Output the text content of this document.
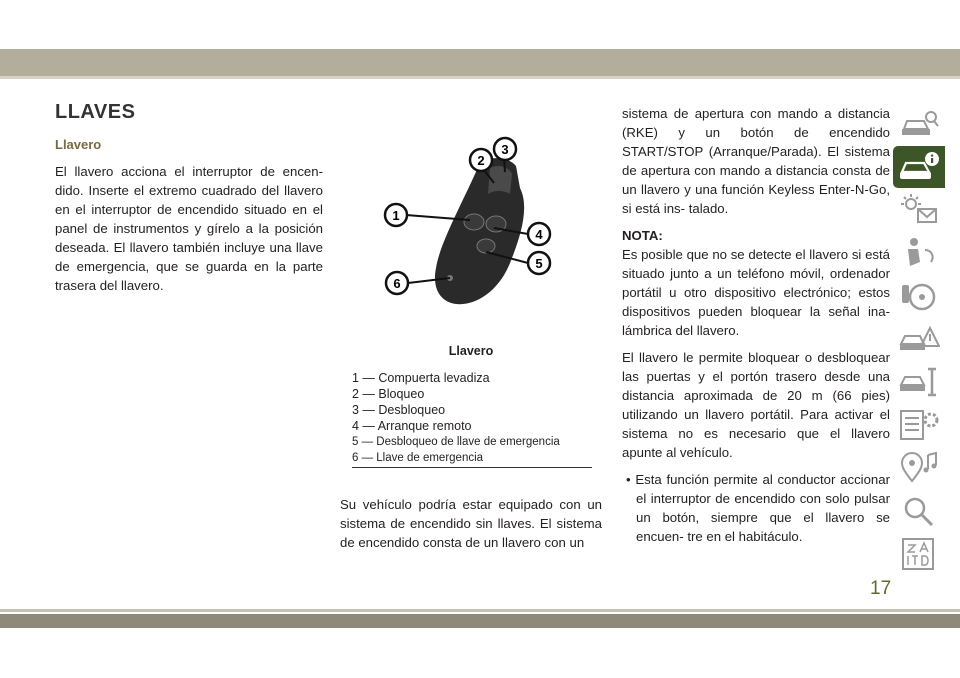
LLAVES
Llavero
El llavero acciona el interruptor de encen- dido. Inserte el extremo cuadrado del llavero en el interruptor de encendido situado en el panel de instrumentos y gírelo a la posición deseada. El llavero también incluye una llave de emergencia, que se guarda en la parte trasera del llavero.
1
2
3
4
5
6
Llavero
1 — Compuerta levadiza
2 — Bloqueo
3 — Desbloqueo
4 — Arranque remoto
5 — Desbloqueo de llave de emergencia
6 — Llave de emergencia
Su vehículo podría estar equipado con un sistema de encendido sin llaves. El sistema de encendido consta de un llavero con un

sistema de apertura con mando a distancia (RKE) y un botón de encendido START/STOP (Arranque/Parada). El sistema de apertura con mando a distancia consta de un llavero y una función Keyless Enter-N-Go, si está ins- talado.

NOTA:
Es posible que no se detecte el llavero si está situado junto a un teléfono móvil, ordenador portátil u otro dispositivo electrónico; estos dispositivos pueden bloquear la señal ina- lámbrica del llavero.

El llavero le permite bloquear o desbloquear las puertas y el portón trasero desde una distancia aproximada de 20 m (66 pies) utilizando un llavero portátil. Para activar el sistema no es necesario que el llavero apunte al vehículo.

• Esta función permite al conductor accionar el interruptor de encendido con solo pulsar un botón, siempre que el llavero se encuen- tre en el habitáculo.

17
